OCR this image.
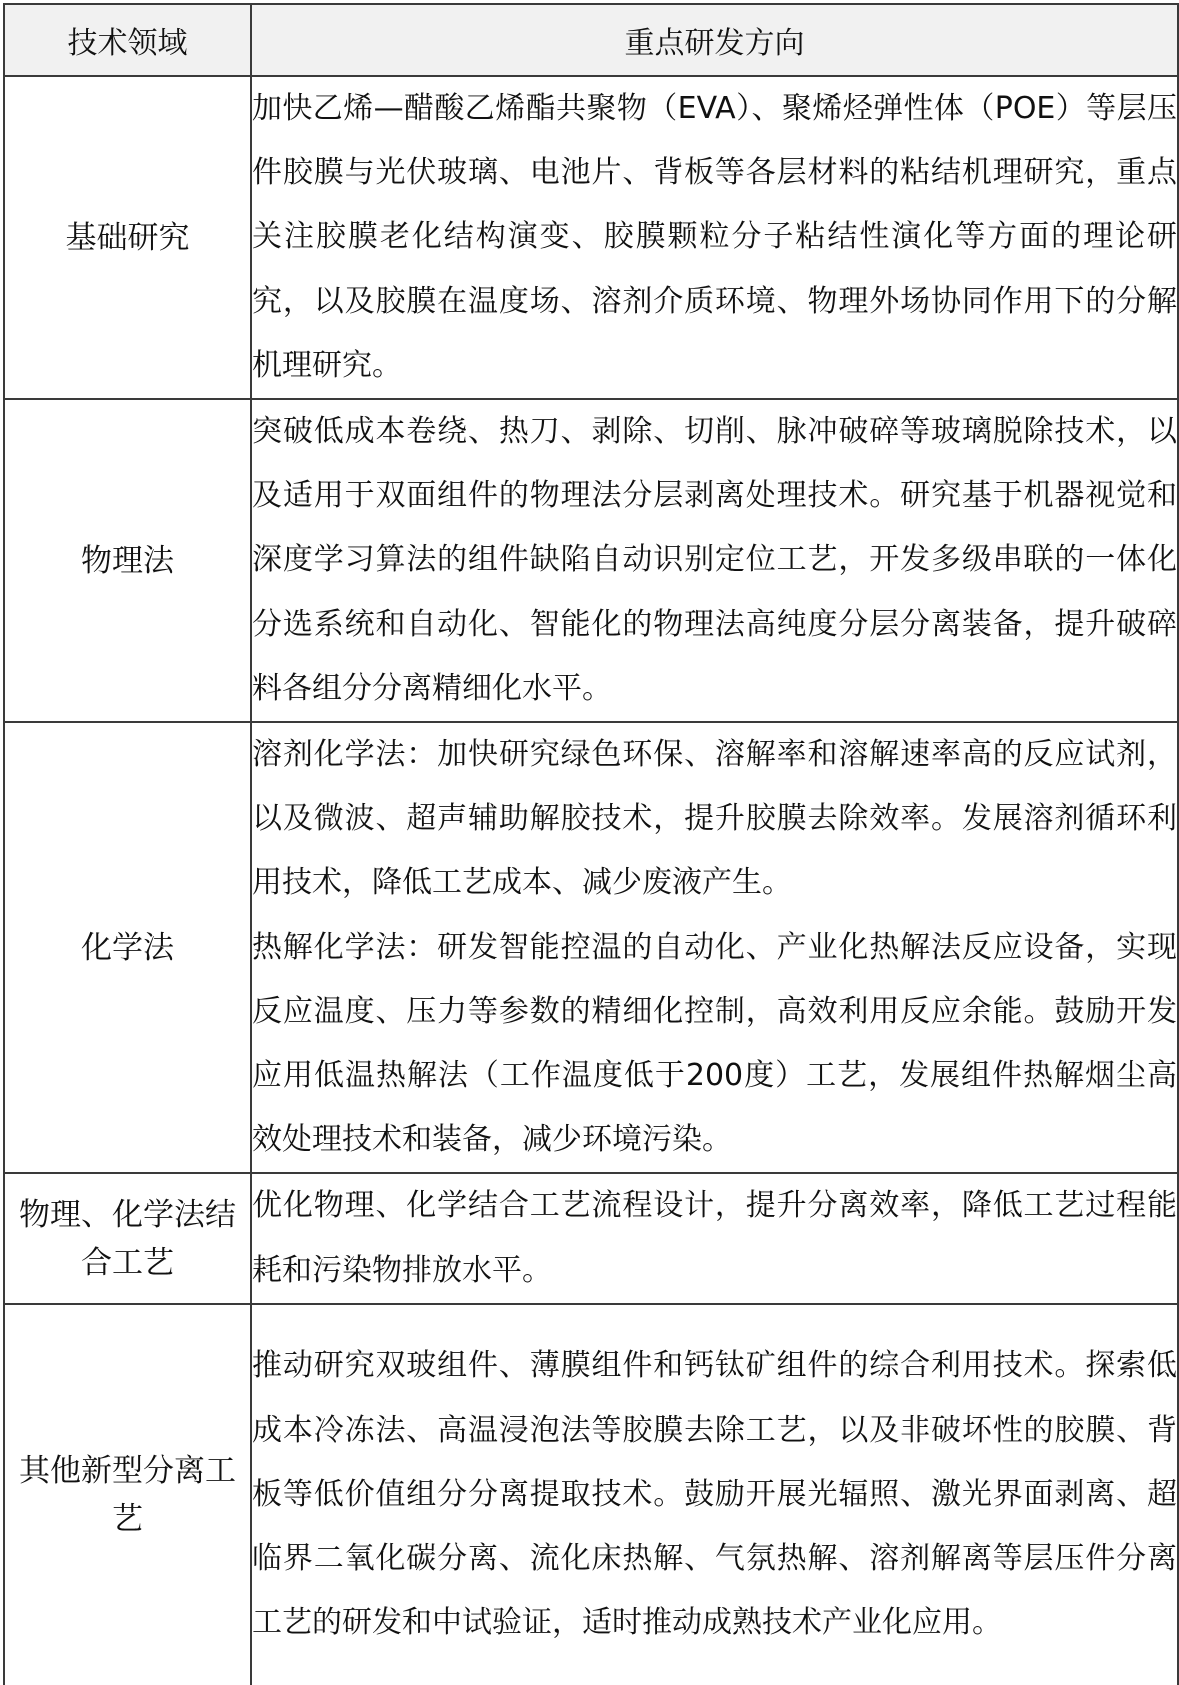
技术领域	重点研发方向
基础研究	加快乙烯—醋酸乙烯酯共聚物（EVA）、聚烯烃弹性体（POE）等层压件胶膜与光伏玻璃、电池片、背板等各层材料的粘结机理研究，重点关注胶膜老化结构演变、胶膜颗粒分子粘结性演化等方面的理论研究，以及胶膜在温度场、溶剂介质环境、物理外场协同作用下的分解机理研究。

物理法	突破低成本卷绕、热刀、剥除、切削、脉冲破碎等玻璃脱除技术，以及适用于双面组件的物理法分层剥离处理技术。研究基于机器视觉和深度学习算法的组件缺陷自动识别定位工艺，开发多级串联的一体化分选系统和自动化、智能化的物理法高纯度分层分离装备，提升破碎料各组分分离精细化水平。

化学法	溶剂化学法：加快研究绿色环保、溶解率和溶解速率高的反应试剂，以及微波、超声辅助解胶技术，提升胶膜去除效率。发展溶剂循环利用技术，降低工艺成本、减少废液产生。

热解化学法：研发智能控温的自动化、产业化热解法反应设备，实现反应温度、压力等参数的精细化控制，高效利用反应余能。鼓励开发应用低温热解法（工作温度低于200度）工艺，发展组件热解烟尘高效处理技术和装备，减少环境污染。

物理、化学法结合工艺	优化物理、化学结合工艺流程设计，提升分离效率，降低工艺过程能耗和污染物排放水平。

其他新型分离工艺	推动研究双玻组件、薄膜组件和钙钛矿组件的综合利用技术。探索低成本冷冻法、高温浸泡法等胶膜去除工艺，以及非破坏性的胶膜、背板等低价值组分分离提取技术。鼓励开展光辐照、激光界面剥离、超临界二氧化碳分离、流化床热解、气氛热解、溶剂解离等层压件分离工艺的研发和中试验证，适时推动成熟技术产业化应用。
